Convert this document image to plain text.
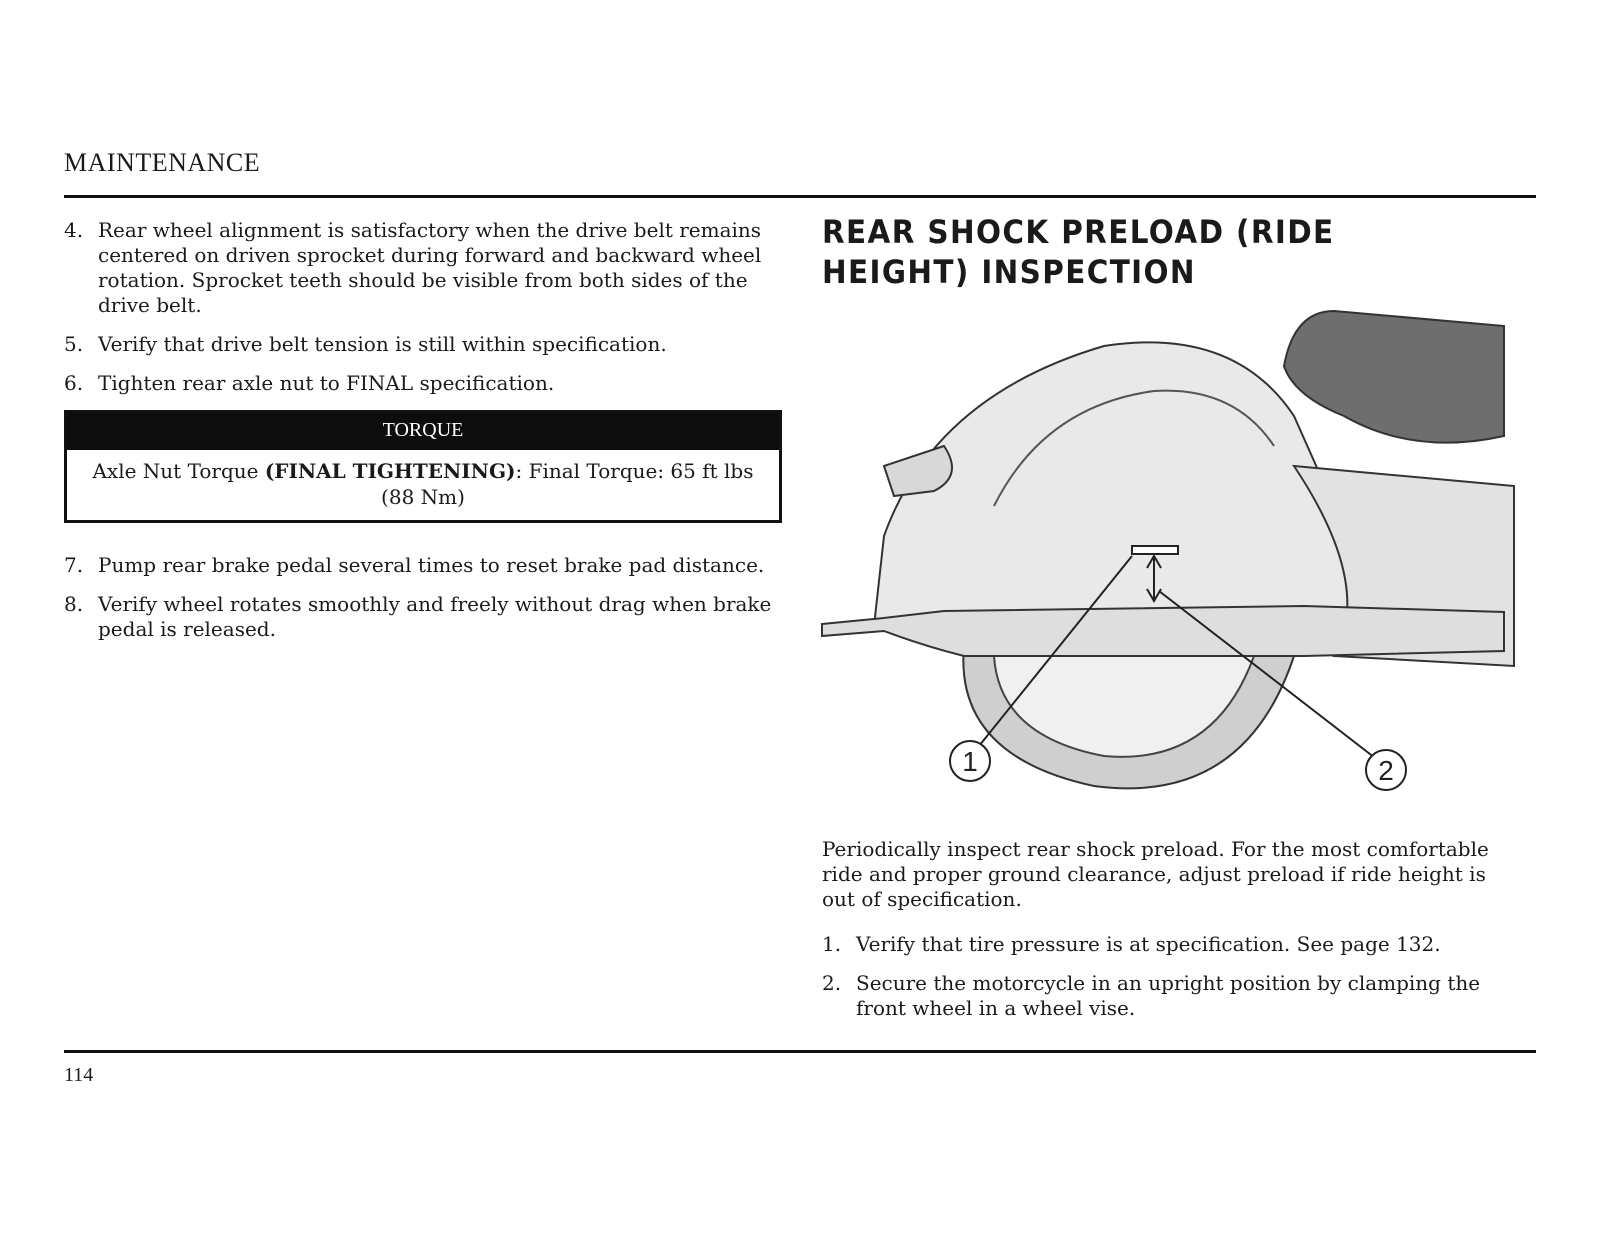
MAINTENANCE
4. Rear wheel alignment is satisfactory when the drive belt remains centered on driven sprocket during forward and backward wheel rotation. Sprocket teeth should be visible from both sides of the drive belt.
5. Verify that drive belt tension is still within specification.
6. Tighten rear axle nut to FINAL specification.
TORQUE
Axle Nut Torque (FINAL TIGHTENING): Final Torque: 65 ft lbs (88 Nm)
7. Pump rear brake pedal several times to reset brake pad distance.
8. Verify wheel rotates smoothly and freely without drag when brake pedal is released.
REAR SHOCK PRELOAD (RIDE HEIGHT) INSPECTION
1	2

Periodically inspect rear shock preload. For the most comfortable ride and proper ground clearance, adjust preload if ride height is out of specification.

1. Verify that tire pressure is at specification. See page 132.
2. Secure the motorcycle in an upright position by clamping the front wheel in a wheel vise.
114
